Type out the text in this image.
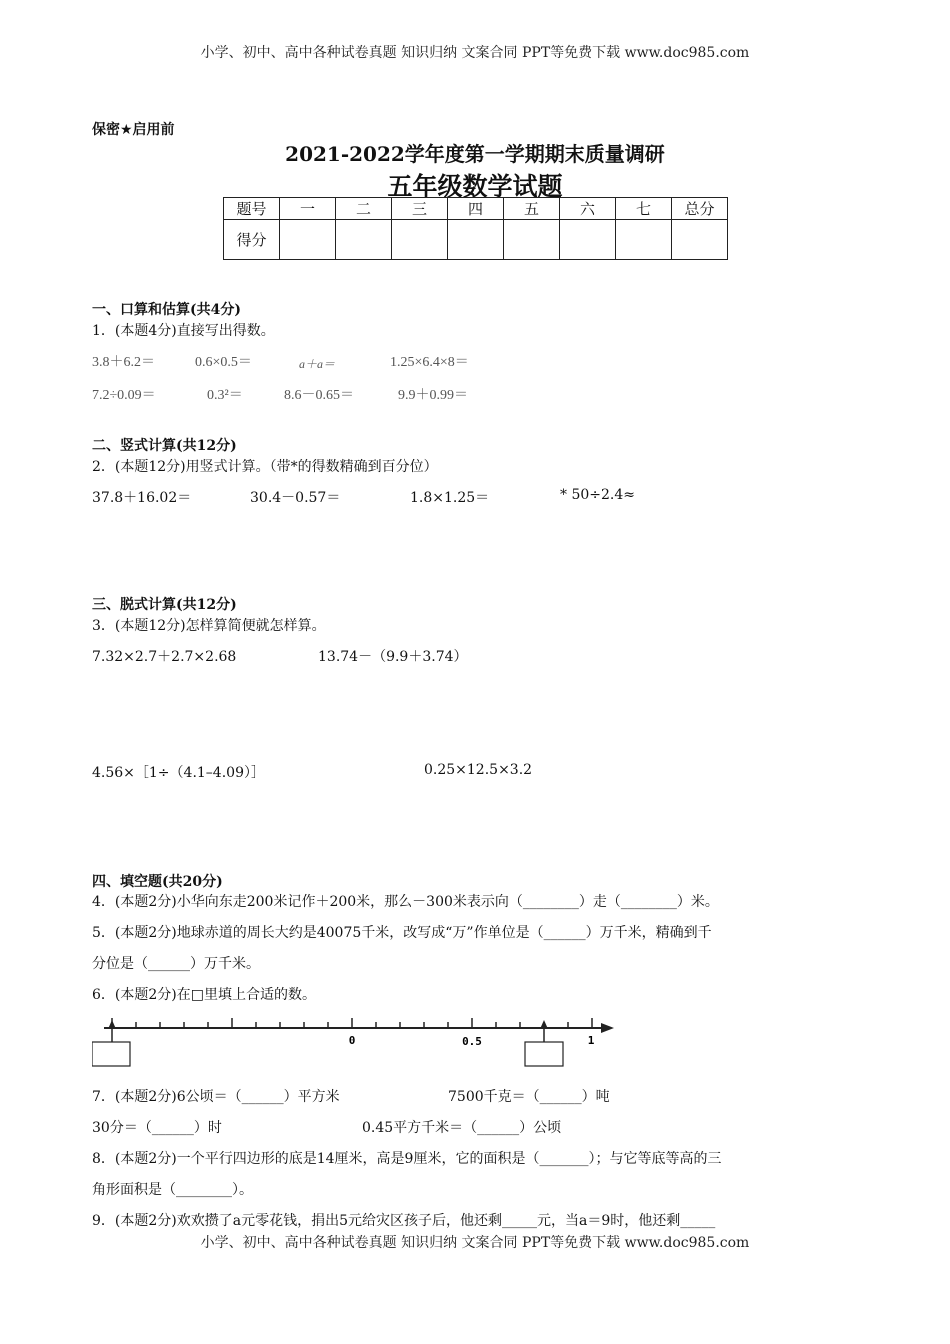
小学、初中、高中各种试卷真题 知识归纳 文案合同 PPT等免费下载 www.doc985.com
保密★启用前
2021-2022学年度第一学期期末质量调研
五年级数学试题
题号	一	二	三	四	五	六	七	总分
得分								
一、口算和估算(共4分)
1．(本题4分)直接写出得数。
3.8＋6.2＝	0.6×0.5＝	a＋a＝	1.25×6.4×8＝
7.2÷0.09＝	0.3²＝	8.6－0.65＝	9.9＋0.99＝
二、竖式计算(共12分)
2．(本题12分)用竖式计算。（带*的得数精确到百分位）
37.8＋16.02＝	30.4－0.57＝	1.8×1.25＝	* 50÷2.4≈
三、脱式计算(共12分)
3．(本题12分)怎样算简便就怎样算。
7.32×2.7＋2.7×2.68	13.74－（9.9＋3.74）
4.56×［1÷（4.1–4.09）］	0.25×12.5×3.2
四、填空题(共20分)
4．(本题2分)小华向东走200米记作＋200米，那么－300米表示向（________）走（________）米。
5．(本题2分)地球赤道的周长大约是40075千米，改写成“万”作单位是（______）万千米，精确到千
分位是（______）万千米。
6．(本题2分)在□里填上合适的数。
0	0.5	1
7．(本题2分)6公顷＝（______）平方米	7500千克＝（______）吨
30分＝（______）时	0.45平方千米＝（______）公顷
8．(本题2分)一个平行四边形的底是14厘米，高是9厘米，它的面积是（_______）；与它等底等高的三
角形面积是（________）。
9．(本题2分)欢欢攒了a元零花钱，捐出5元给灾区孩子后，他还剩_____元，当a＝9时，他还剩_____
小学、初中、高中各种试卷真题 知识归纳 文案合同 PPT等免费下载 www.doc985.com
